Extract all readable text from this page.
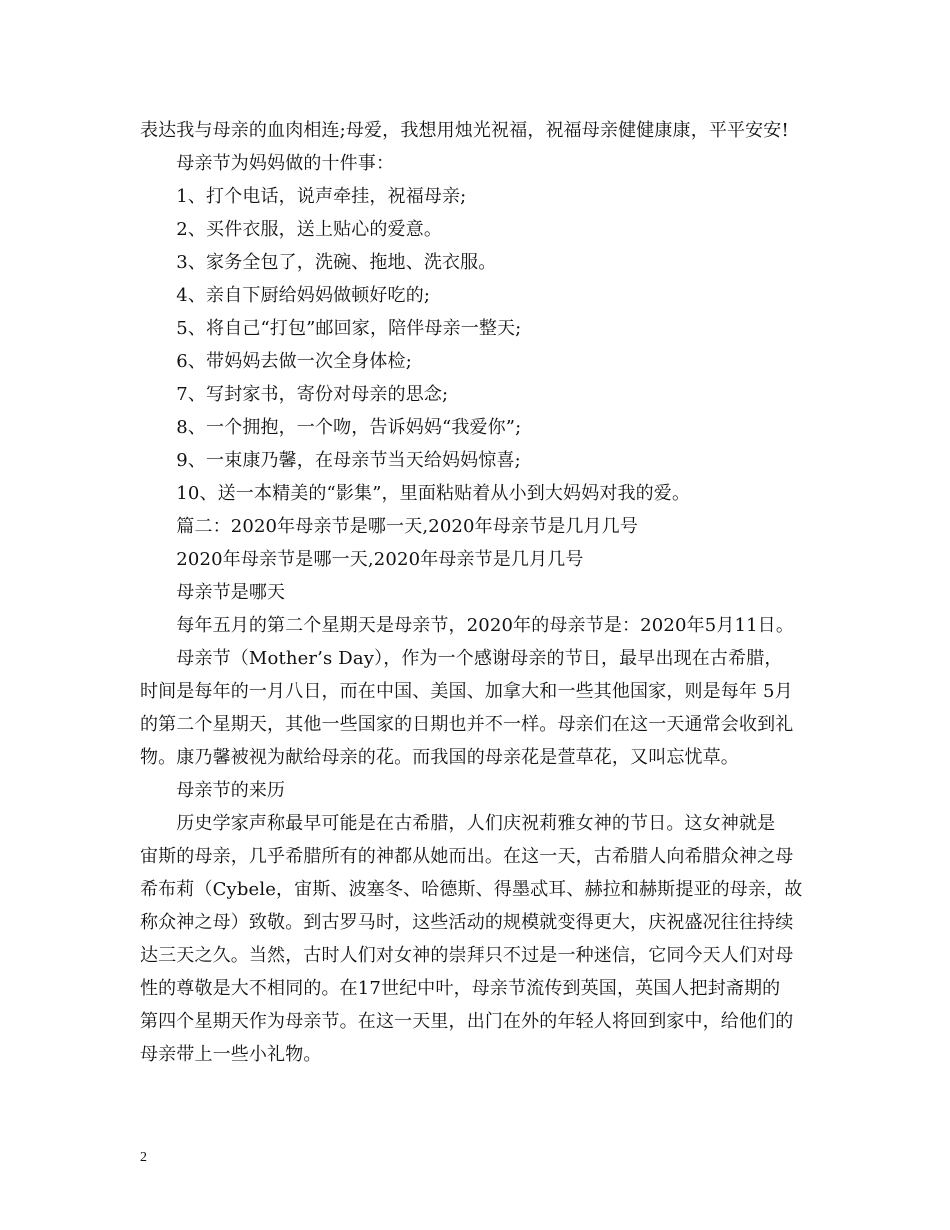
表达我与母亲的血肉相连;母爱，我想用烛光祝福，祝福母亲健健康康，平平安安!
　　母亲节为妈妈做的十件事：
　　1、打个电话，说声牵挂，祝福母亲;
　　2、买件衣服，送上贴心的爱意。
　　3、家务全包了，洗碗、拖地、洗衣服。
　　4、亲自下厨给妈妈做顿好吃的;
　　5、将自己“打包”邮回家，陪伴母亲一整天;
　　6、带妈妈去做一次全身体检;
　　7、写封家书，寄份对母亲的思念;
　　8、一个拥抱，一个吻，告诉妈妈“我爱你”;
　　9、一束康乃馨，在母亲节当天给妈妈惊喜;
　　10、送一本精美的“影集”，里面粘贴着从小到大妈妈对我的爱。
　　篇二：2020年母亲节是哪一天,2020年母亲节是几月几号
　　2020年母亲节是哪一天,2020年母亲节是几月几号
　　母亲节是哪天
　　每年五月的第二个星期天是母亲节，2020年的母亲节是：2020年5月11日。
　　母亲节（Mother’s Day），作为一个感谢母亲的节日，最早出现在古希腊，
时间是每年的一月八日，而在中国、美国、加拿大和一些其他国家，则是每年 5月
的第二个星期天，其他一些国家的日期也并不一样。母亲们在这一天通常会收到礼
物。康乃馨被视为献给母亲的花。而我国的母亲花是萱草花，又叫忘忧草。
　　母亲节的来历
　　历史学家声称最早可能是在古希腊，人们庆祝莉雅女神的节日。这女神就是
宙斯的母亲，几乎希腊所有的神都从她而出。在这一天，古希腊人向希腊众神之母
希布莉（Cybele，宙斯、波塞冬、哈德斯、得墨忒耳、赫拉和赫斯提亚的母亲，故
称众神之母）致敬。到古罗马时，这些活动的规模就变得更大，庆祝盛况往往持续
达三天之久。当然，古时人们对女神的崇拜只不过是一种迷信，它同今天人们对母
性的尊敬是大不相同的。在17世纪中叶，母亲节流传到英国，英国人把封斋期的
第四个星期天作为母亲节。在这一天里，出门在外的年轻人将回到家中，给他们的
母亲带上一些小礼物。
2
